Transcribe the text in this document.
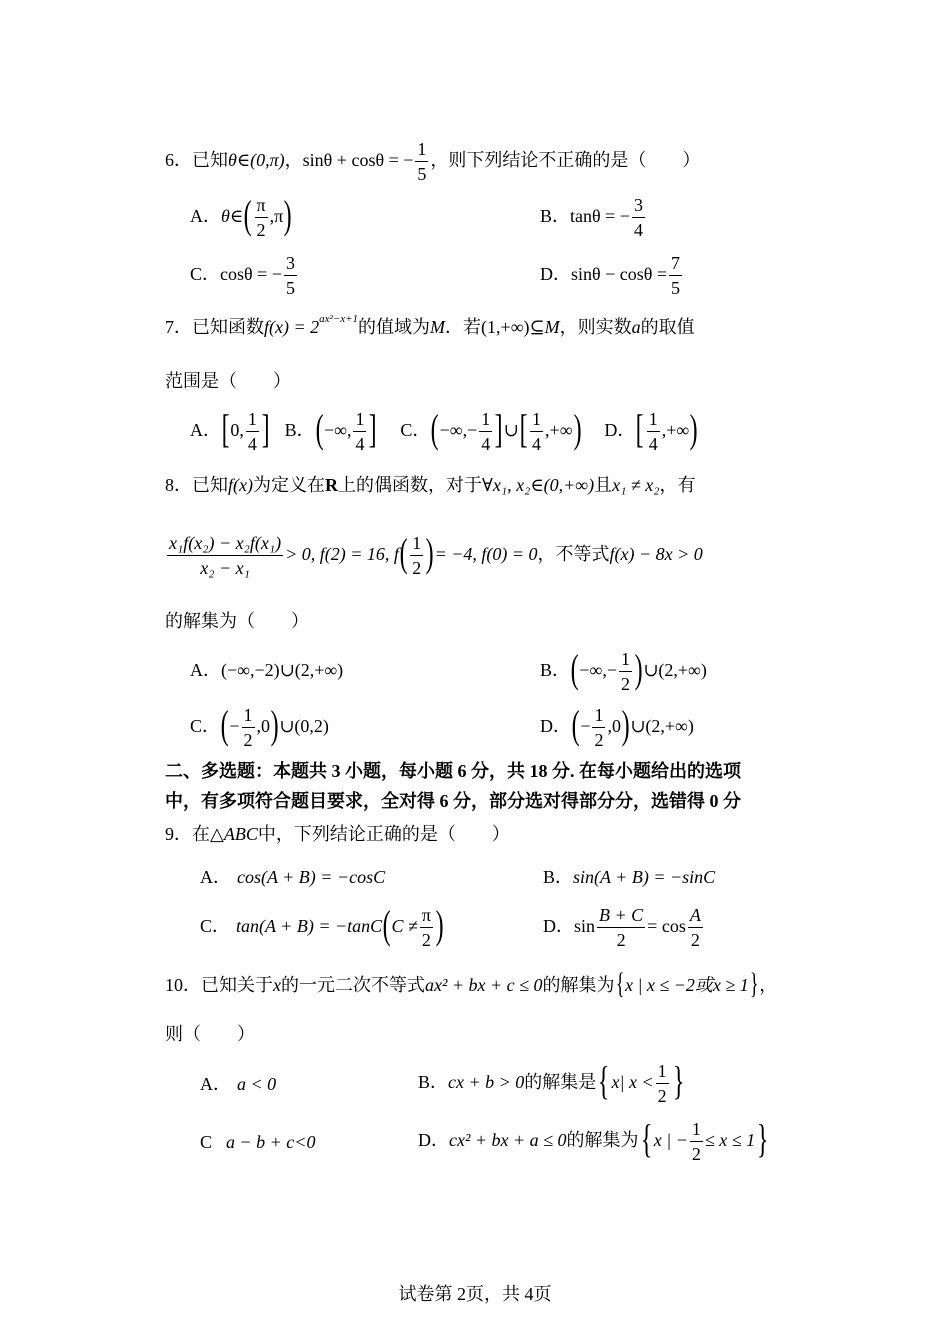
6．已知θ∈(0,π)，sinθ + cosθ = − $\frac{1}{5}$ ，则下列结论不正确的是（　　）
A．θ∈( $\frac{\pi}{2} ,\pi$)	B．tanθ = − $\frac{3}{4}$
C．cosθ = − $\frac{3}{5}$	D．$\sin\theta - \cos\theta = \frac{7}{5}$
7．已知函数$f(x) = 2^{ax^2-x+1}$的值域为M．若(1,+∞)⊆M，则实数a的取值
范围是（　　）
A．[0, $\frac{1}{4}$ ] B．(−∞, $\frac{1}{4}$ ] C．(−∞,− $\frac{1}{4}$ ]∪[ $\frac{1}{4}$ ,+∞) D．[ $\frac{1}{4}$ ,+∞)
8．已知f(x)为定义在R上的偶函数，对于∀x₁, x₂∈(0,+∞)且x₁ ≠ x₂，有
$\frac{\text{x₁f(x₂) − x₂f(x₁)}}{\text{x₂ − x₁}} > 0$, f(2) = 16, $f( \frac{1}{2}$ )= −4, f(0) = 0，不等式f(x) − 8x > 0
的解集为（　　）
A．(−∞,−2)∪(2,+∞)	B．(−∞,− $\frac{1}{2}$ )∪(2,+∞)
C．(− $\frac{1}{2}$ ,0)∪(0,2)	D．(− $\frac{1}{2}$ ,0)∪(2,+∞)
二、多选题：本题共 3 小题，每小题 6 分，共 18 分. 在每小题给出的选项
中，有多项符合题目要求，全对得 6 分，部分选对得部分分，选错得 0 分
9．在△ABC中，下列结论正确的是（　　）
A． cos(A + B) = −cosC	B．sin(A + B) = −sinC
C． $\tan(A + B) = -\tan C(C \ne \frac{\pi}{2}$ )	D．$\sin \frac{B + C}{2} = \cos \frac{A}{2}$
10．已知关于x的一元二次不等式ax² + bx + c ≤ 0的解集为{x | x ≤ −2或x ≥ 1}，
则（　　）
A． a < 0	B．cx + b > 0的解集是{ x| $x < \frac{1}{2}$ }
C a − b + c<0	D．cx² + bx + a ≤ 0的解集为{ x | − $\frac{1}{2} \le x \le 1$}
试卷第 2页，共 4页
